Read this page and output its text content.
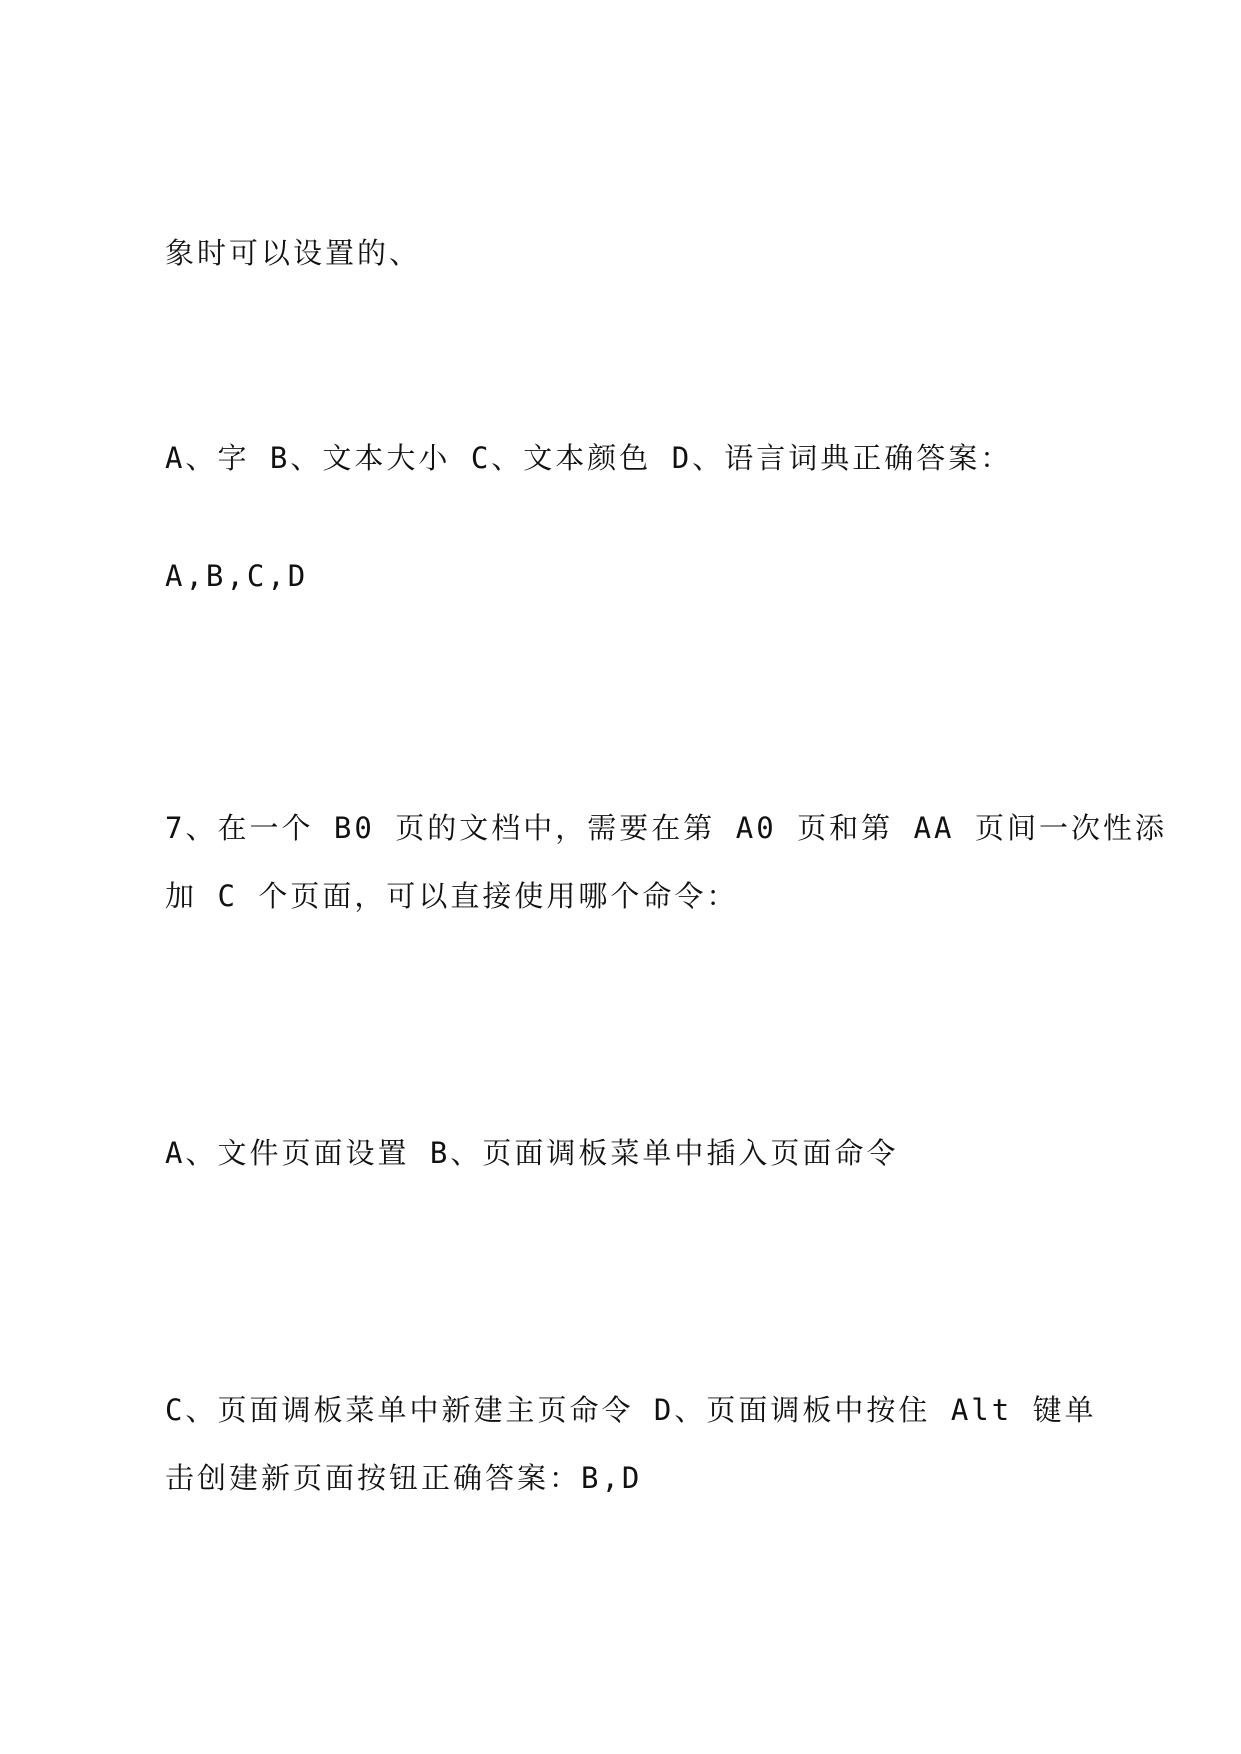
象时可以设置的、
A、字 B、文本大小 C、文本颜色 D、语言词典正确答案：
A,B,C,D
7、在一个 B0 页的文档中，需要在第 A0 页和第 AA 页间一次性添
加 C 个页面，可以直接使用哪个命令：
A、文件页面设置 B、页面调板菜单中插入页面命令
C、页面调板菜单中新建主页命令 D、页面调板中按住 Alt 键单
击创建新页面按钮正确答案：B,D
